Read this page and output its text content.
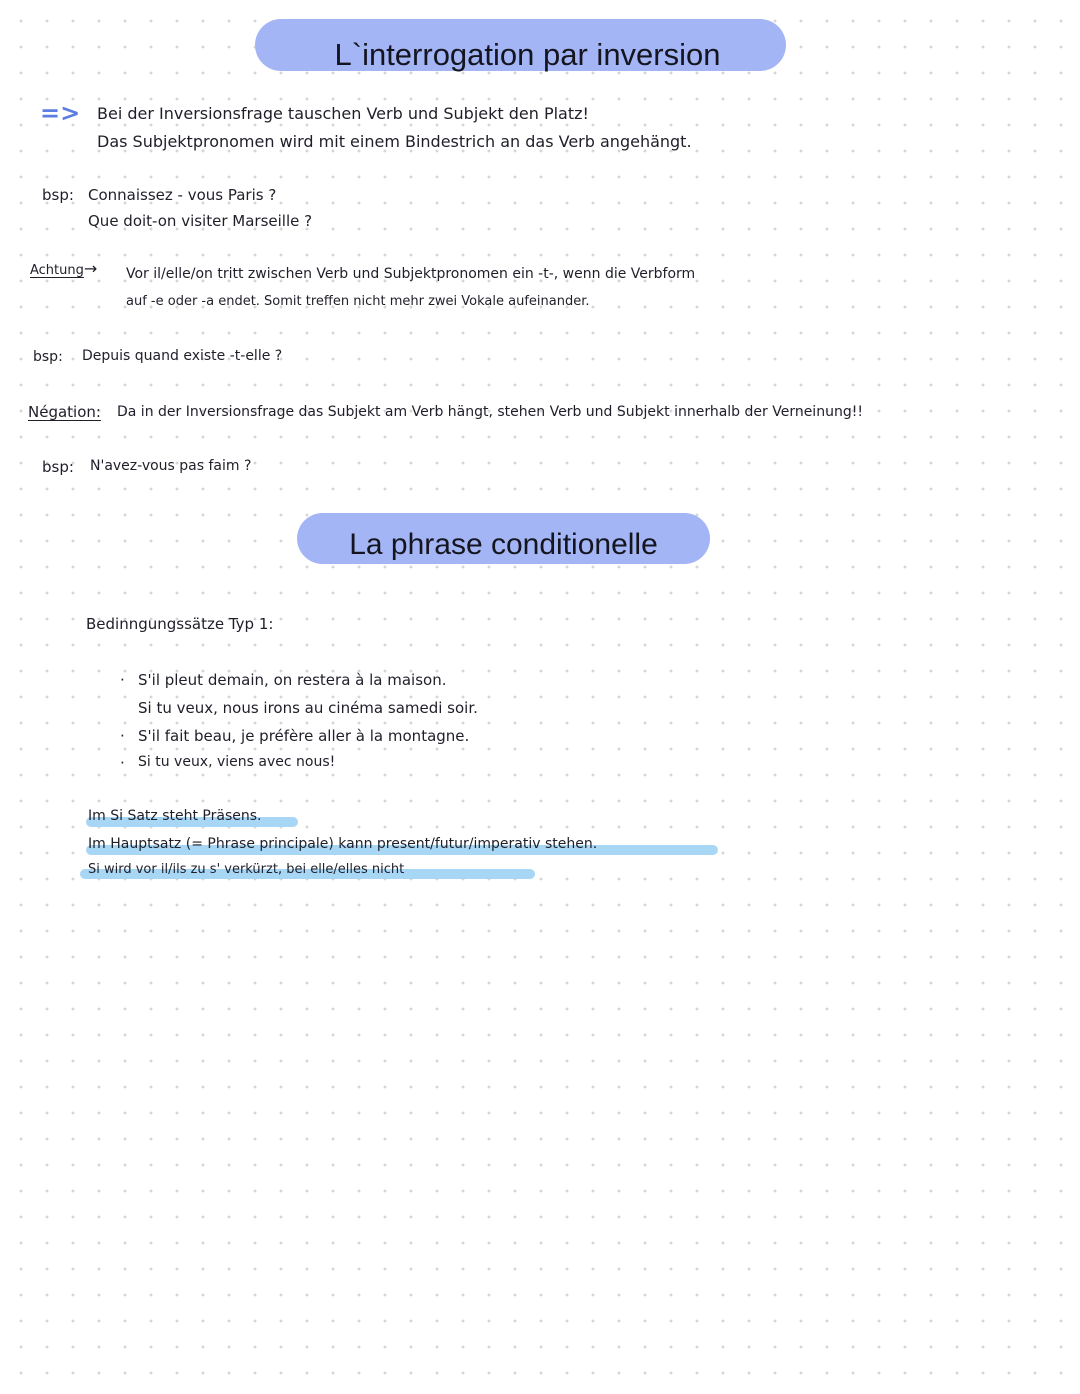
L`interrogation par inversion
=> Bei der Inversionsfrage tauschen Verb und Subjekt den Platz!
Das Subjektpronomen wird mit einem Bindestrich an das Verb angehängt.
bsp: Connaissez - vous Paris ?
Que doit-on visiter Marseille ?
Achtung→ Vor il/elle/on tritt zwischen Verb und Subjektpronomen ein -t-, wenn die Verbform
auf -e oder -a endet. Somit treffen nicht mehr zwei Vokale aufeinander.
bsp: Depuis quand existe -t-elle ?
Négation: Da in der Inversionsfrage das Subjekt am Verb hängt, stehen Verb und Subjekt innerhalb der Verneinung!!
bsp: N'avez-vous pas faim ?
La phrase conditionelle
Bedinngungssätze Typ 1:
· S'il pleut demain, on restera à la maison.
Si tu veux, nous irons au cinéma samedi soir.
· S'il fait beau, je préfère aller à la montagne.
· Si tu veux, viens avec nous!
Im Si Satz steht Präsens.
Im Hauptsatz (= Phrase principale) kann present/futur/imperativ stehen.
Si wird vor il/ils zu s' verkürzt, bei elle/elles nicht
